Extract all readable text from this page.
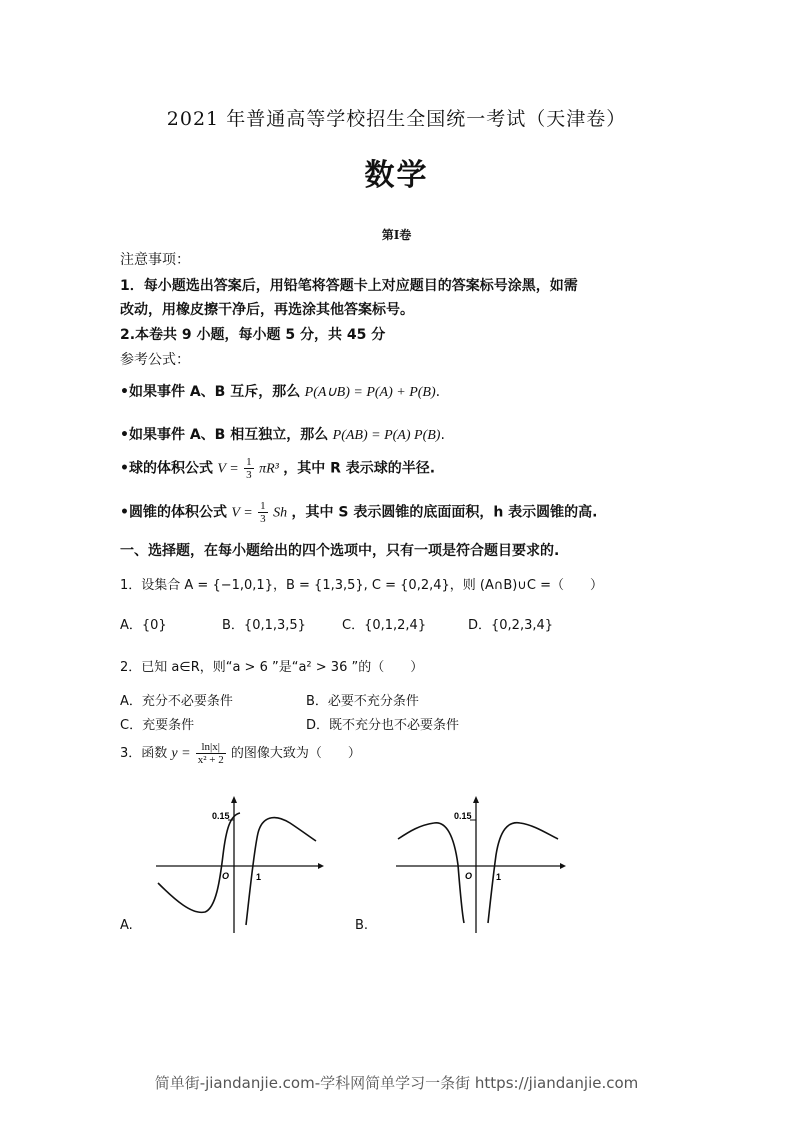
2021 年普通高等学校招生全国统一考试（天津卷）
数学
第I卷
注意事项：
1．每小题选出答案后，用铅笔将答题卡上对应题目的答案标号涂黑，如需
改动，用橡皮擦干净后，再选涂其他答案标号。
2.本卷共 9 小题，每小题 5 分，共 45 分
参考公式：
•如果事件 A、B 互斥，那么 P(A∪B) = P(A) + P(B).
•如果事件 A、B 相互独立，那么 P(AB) = P(A) P(B).
•球的体积公式 $V = \frac{1}{3} \pi R^3$ ，其中 R 表示球的半径.
•圆锥的体积公式 $V = \frac{1}{3}$ Sh ，其中 S 表示圆锥的底面面积，h 表示圆锥的高.
一、选择题，在每小题给出的四个选项中，只有一项是符合题目要求的.
1．设集合 A = {−1,0,1}，B = {1,3,5}, C = {0,2,4}，则 (A∩B)∪C =（　　）
A．{0}	B．{0,1,3,5}	C．{0,1,2,4}	D．{0,2,3,4}
2．已知 a∈R，则“a > 6 ”是“a² > 36 ”的（　　）
A．充分不必要条件	B．必要不充分条件
C．充要条件	D．既不充分也不必要条件
3．函数 $y = \frac{\ln|x|}{\text{x² + 2}}$ 的图像大致为（　　）
0.15
O	1
A.
0.15
O	1
B.
简单街-jiandanjie.com-学科网简单学习一条街 https://jiandanjie.com
